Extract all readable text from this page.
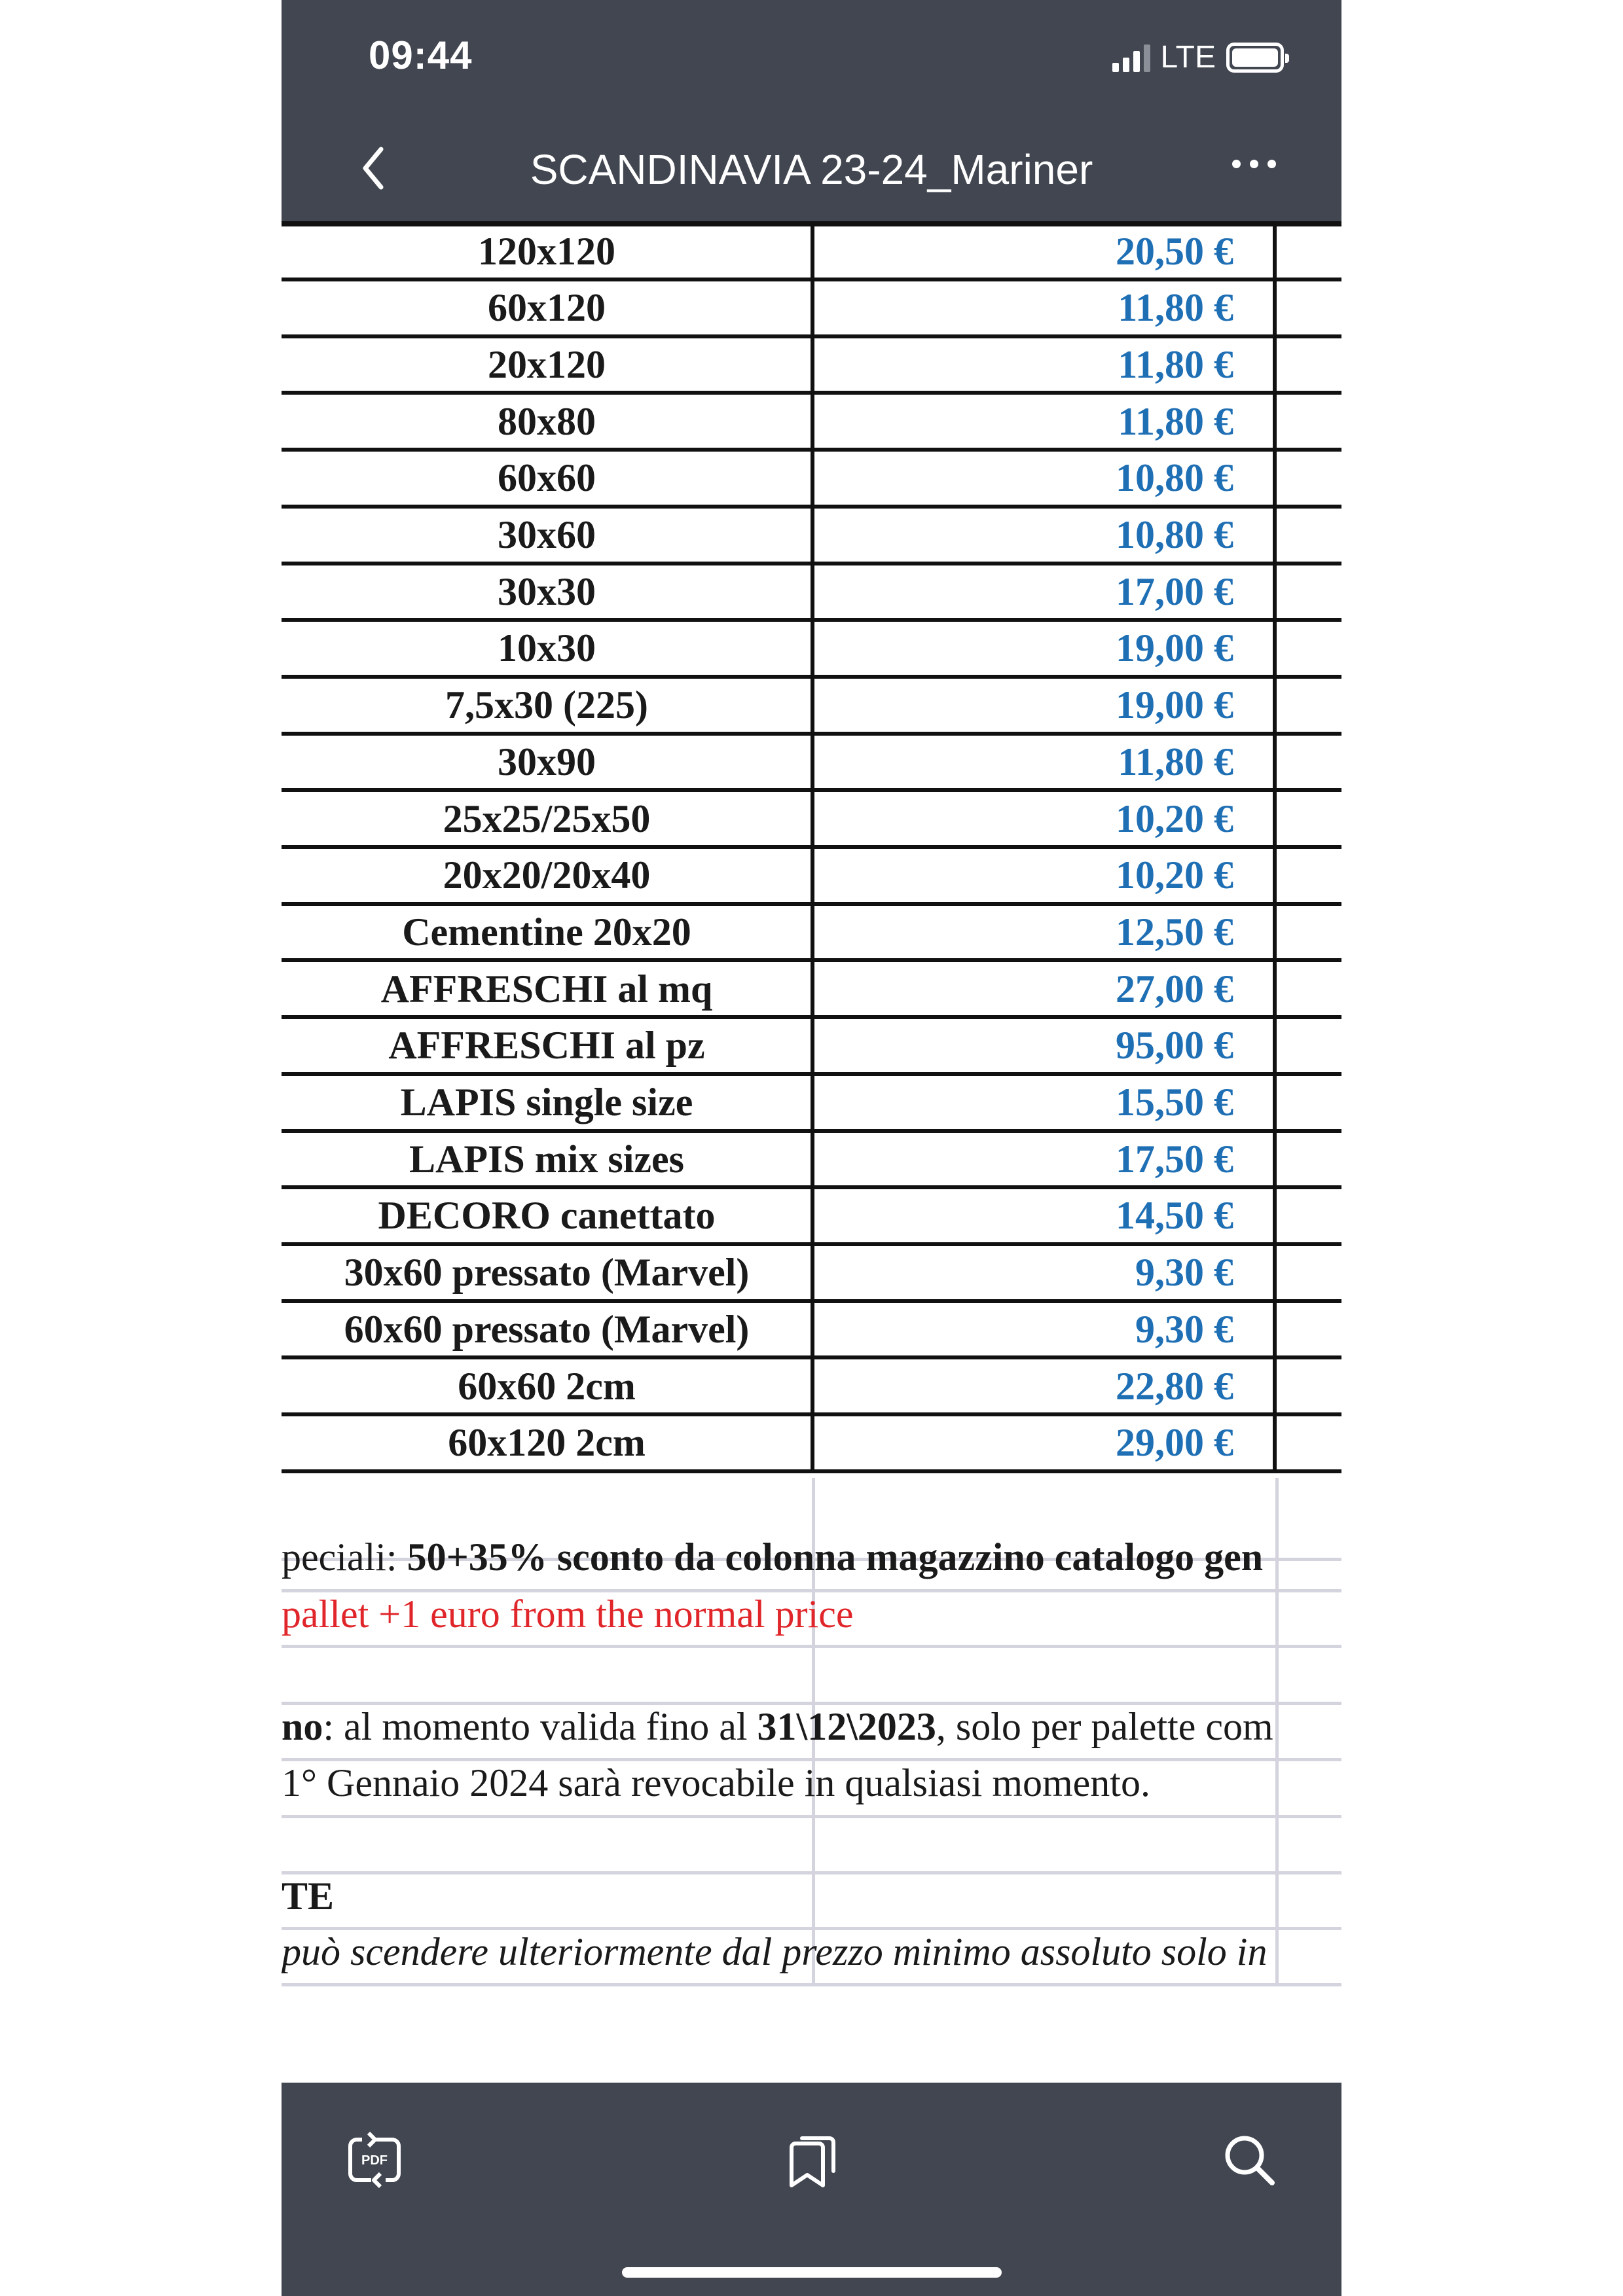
09:44	LTE
SCANDINAVIA 23-24_Mariner
120x120	20,50 €
60x120	11,80 €
20x120	11,80 €
80x80	11,80 €
60x60	10,80 €
30x60	10,80 €
30x30	17,00 €
10x30	19,00 €
7,5x30 (225)	19,00 €
30x90	11,80 €
25x25/25x50	10,20 €
20x20/20x40	10,20 €
Cementine 20x20	12,50 €
AFFRESCHI al mq	27,00 €
AFFRESCHI al pz	95,00 €
LAPIS single size	15,50 €
LAPIS mix sizes	17,50 €
DECORO canettato	14,50 €
30x60 pressato (Marvel)	9,30 €
60x60 pressato (Marvel)	9,30 €
60x60 2cm	22,80 €
60x120 2cm	29,00 €
peciali: 50+35% sconto da colonna magazzino catalogo gen
pallet +1 euro from the normal price
no: al momento valida fino al 31\12\2023, solo per palette com
1° Gennaio 2024 sarà revocabile in qualsiasi momento.
TE
può scendere ulteriormente dal prezzo minimo assoluto solo in
PDF
